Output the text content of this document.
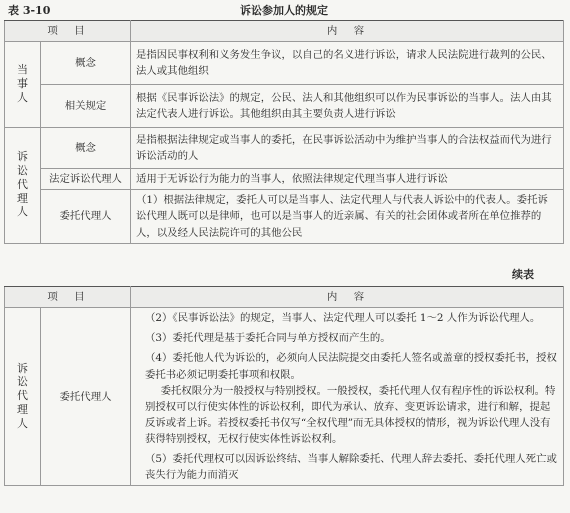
表 3-10	诉讼参加人的规定
项　目		内　容
当事人	概念	是指因民事权利和义务发生争议，以自己的名义进行诉讼，请求人民法院进行裁判的公民、法人或其他组织
	相关规定	根据《民事诉讼法》的规定，公民、法人和其他组织可以作为民事诉讼的当事人。法人由其法定代表人进行诉讼。其他组织由其主要负责人进行诉讼
诉讼代理人	概念	是指根据法律规定或当事人的委托，在民事诉讼活动中为维护当事人的合法权益而代为进行诉讼活动的人
	法定诉讼代理人	适用于无诉讼行为能力的当事人，依照法律规定代理当事人进行诉讼
	委托代理人	（1）根据法律规定，委托人可以是当事人、法定代理人与代表人诉讼中的代表人。委托诉讼代理人既可以是律师，也可以是当事人的近亲属、有关的社会团体或者所在单位推荐的人，以及经人民法院许可的其他公民
续表
项　目		内　容
诉讼代理人	委托代理人	（2）《民事诉讼法》的规定，当事人、法定代理人可以委托 1～2 人作为诉讼代理人。

（3）委托代理是基于委托合同与单方授权而产生的。

（4）委托他人代为诉讼的，必须向人民法院提交由委托人签名或盖章的授权委托书，授权委托书必须记明委托事项和权限。

委托权限分为一般授权与特别授权。一般授权，委托代理人仅有程序性的诉讼权利。特别授权可以行使实体性的诉讼权利，即代为承认、放弃、变更诉讼请求，进行和解，提起反诉或者上诉。若授权委托书仅写“全权代理”而无具体授权的情形，视为诉讼代理人没有获得特别授权，无权行使实体性诉讼权利。

（5）委托代理权可以因诉讼终结、当事人解除委托、代理人辞去委托、委托代理人死亡或丧失行为能力而消灭
